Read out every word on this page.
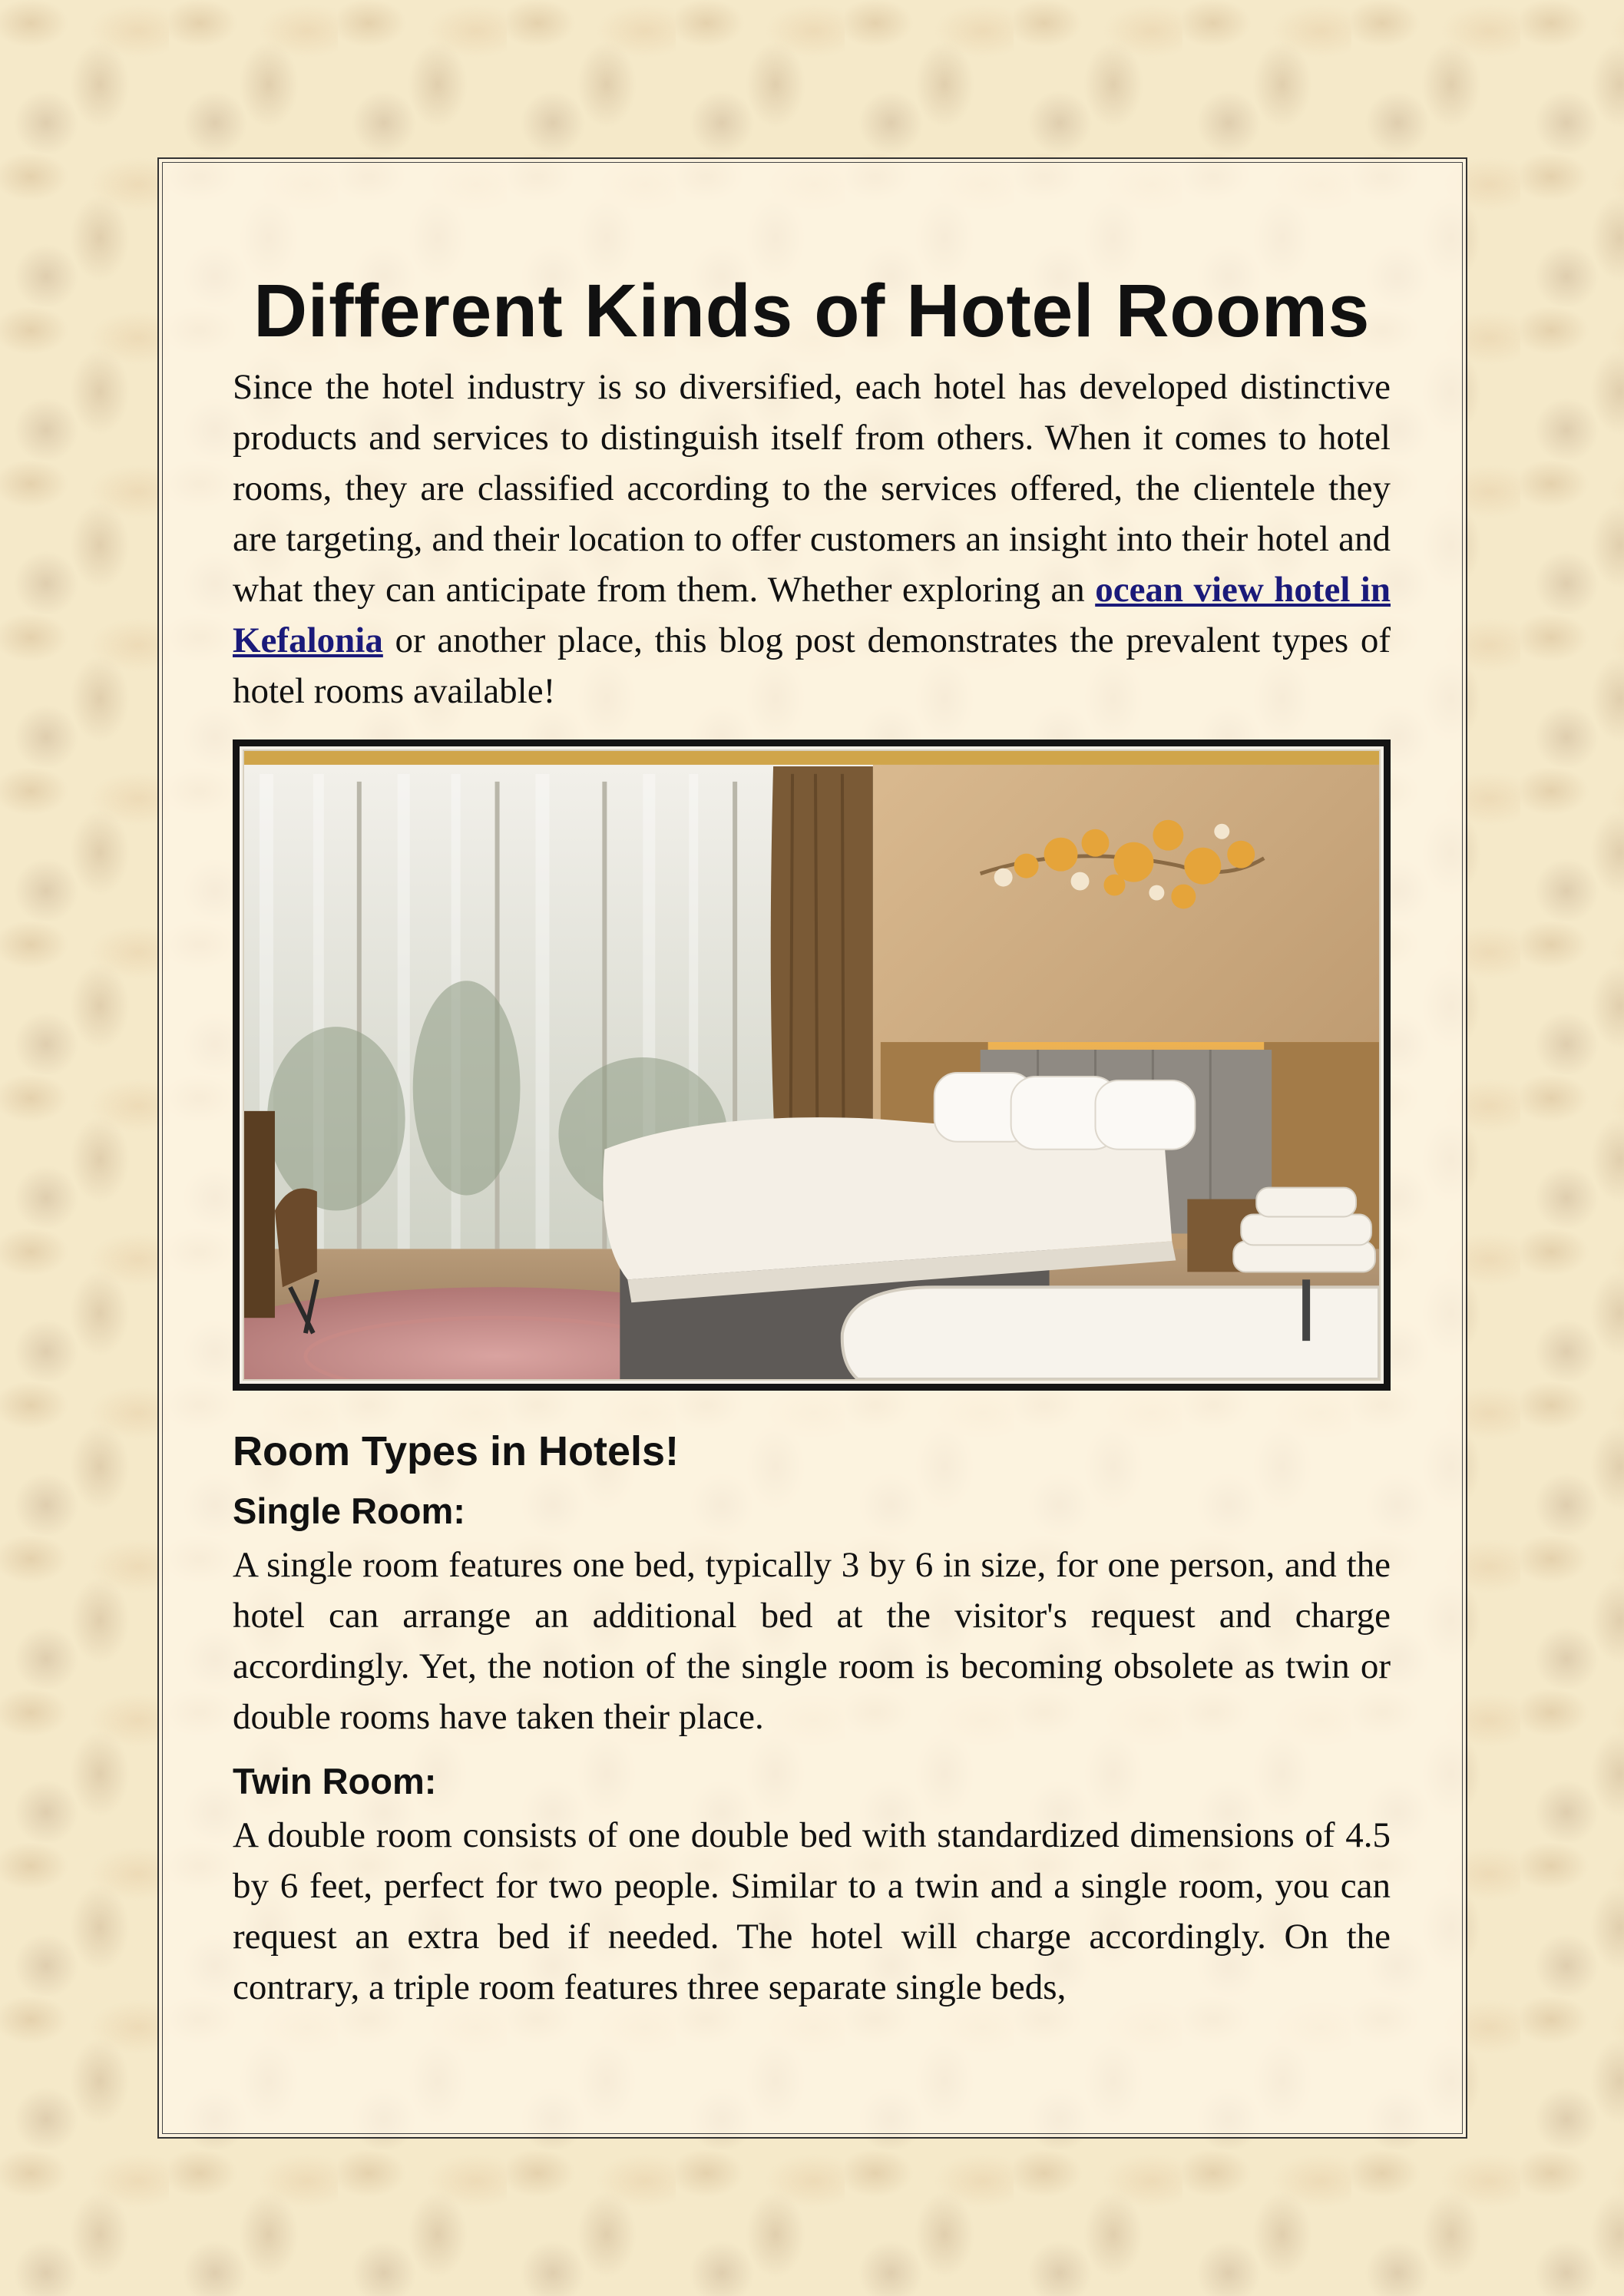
Different Kinds of Hotel Rooms

Since the hotel industry is so diversified, each hotel has developed distinctive products and services to distinguish itself from others. When it comes to hotel rooms, they are classified according to the services offered, the clientele they are targeting, and their location to offer customers an insight into their hotel and what they can anticipate from them. Whether exploring an ocean view hotel in Kefalonia or another place, this blog post demonstrates the prevalent types of hotel rooms available!

Room Types in Hotels!
Single Room:

A single room features one bed, typically 3 by 6 in size, for one person, and the hotel can arrange an additional bed at the visitor's request and charge accordingly. Yet, the notion of the single room is becoming obsolete as twin or double rooms have taken their place.

Twin Room:

A double room consists of one double bed with standardized dimensions of 4.5 by 6 feet, perfect for two people. Similar to a twin and a single room, you can request an extra bed if needed. The hotel will charge accordingly. On the contrary, a triple room features three separate single beds,
